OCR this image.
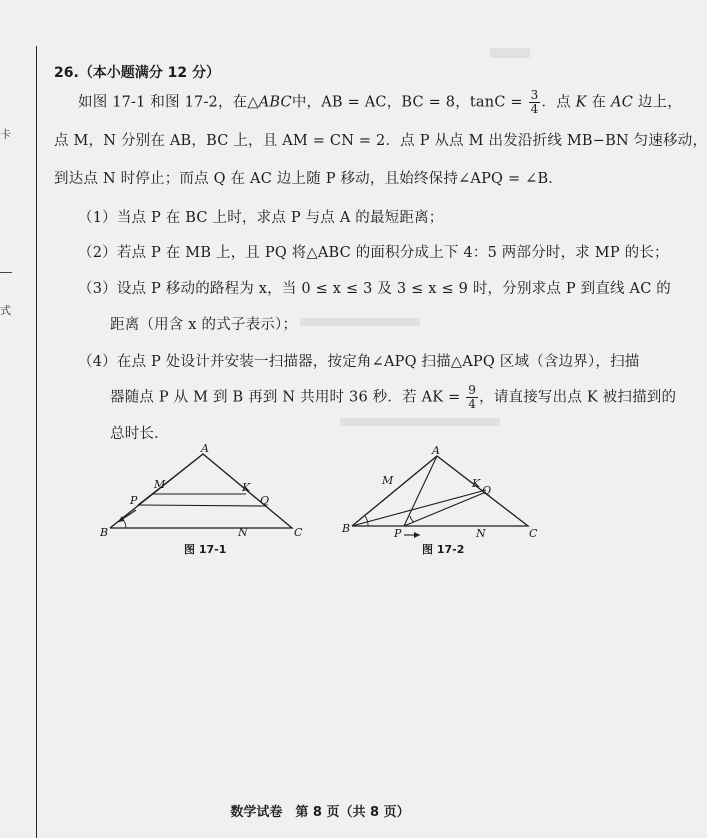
卡
式
26.（本小题满分 12 分）
如图 17-1 和图 17-2，在△ABC中，AB = AC，BC = 8，$\tan C = \frac{3}{4}$ ．点 K 在 AC 边上，
点 M，N 分别在 AB，BC 上，且 AM = CN = 2．点 P 从点 M 出发沿折线 MB−BN 匀速移动，
到达点 N 时停止；而点 Q 在 AC 边上随 P 移动，且始终保持∠APQ = ∠B．
（1）当点 P 在 BC 上时，求点 P 与点 A 的最短距离；
（2）若点 P 在 MB 上，且 PQ 将△ABC 的面积分成上下 4：5 两部分时，求 MP 的长；
（3）设点 P 移动的路程为 x，当 0 ≤ x ≤ 3 及 3 ≤ x ≤ 9 时，分别求点 P 到直线 AC 的
距离（用含 x 的式子表示）；
（4）在点 P 处设计并安装一扫描器，按定角∠APQ 扫描△APQ 区域（含边界），扫描
器随点 P 从 M 到 B 再到 N 共用时 36 秒．若 AK = $\frac{9}{4}$ ，请直接写出点 K 被扫描到的
总时长．
A
B	C
M
N
P
K
Q
图 17-1
A
B	C
M
N
P
K
Q
图 17-2
数学试卷　第 8 页（共 8 页）
